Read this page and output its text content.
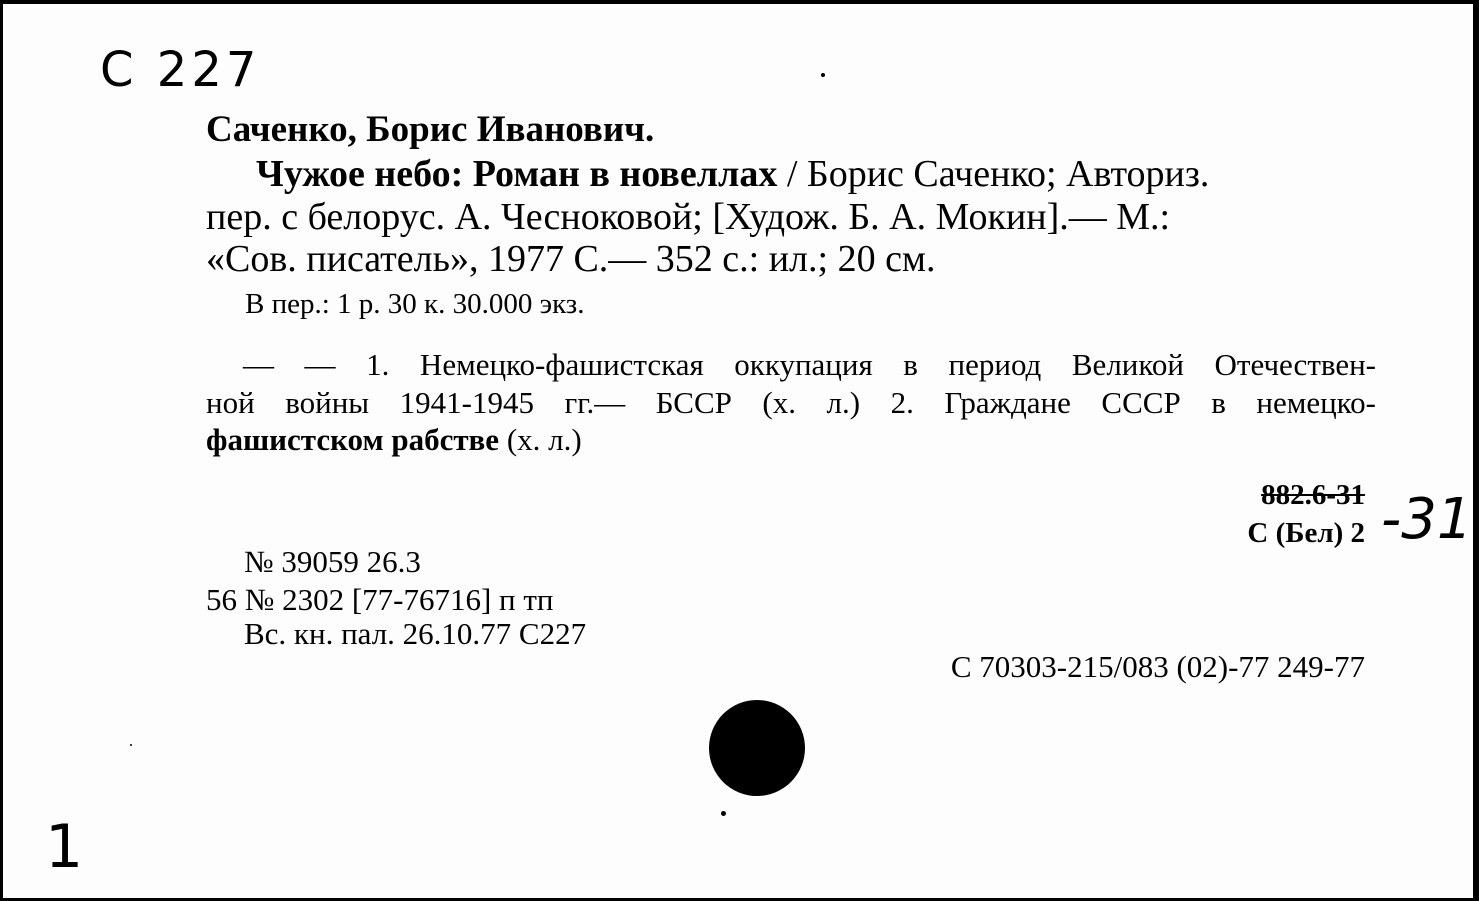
С 227
Саченко, Борис Иванович.
Чужое небо: Роман в новеллах / Борис Саченко; Авториз.
пер. с белорус. А. Чесноковой; [Худож. Б. А. Мокин].— М.:
«Сов. писатель», 1977 С.— 352 с.: ил.; 20 см.
В пер.: 1 р. 30 к. 30.000 экз.
— — 1. Немецко-фашистская оккупация в период Великой Отечествен-
ной войны 1941-1945 гг.— БССР (х. л.) 2. Граждане СССР в немецко-
фашистском рабстве (х. л.)
882.6-31
С (Бел) 2 -31
№ 39059 26.3
56 № 2302 [77-76716] п тп
Вс. кн. пал. 26.10.77 С227
С 70303-215/083 (02)-77 249-77
1
